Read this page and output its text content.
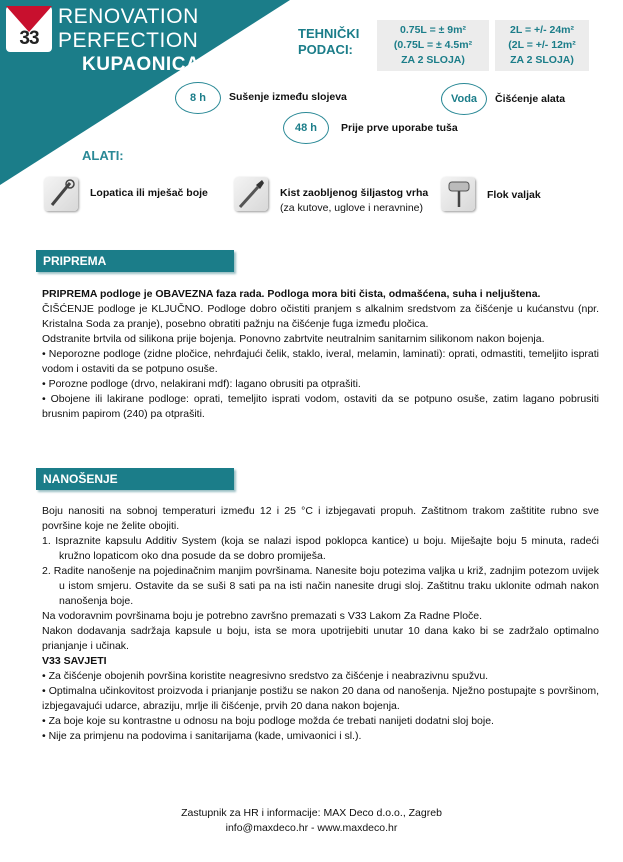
33
RENOVATION
PERFECTION
KUPAONICA
TEHNIČKI
PODACI:
0.75L = ± 9m²
(0.75L = ± 4.5m²
ZA 2 SLOJA)
2L = +/- 24m²
(2L = +/- 12m²
ZA 2 SLOJA)
8 h	Sušenje između slojeva	Voda	Čišćenje alata
48 h	Prije prve uporabe tuša
ALATI:
Lopatica ili mješač boje	Kist zaobljenog šiljastog vrha
(za kutove, uglove i neravnine)
Flok valjak
PRIPREMA

PRIPREMA podloge je OBAVEZNA faza rada. Podloga mora biti čista, odmašćena, suha i neljuštena.

ČIŠĆENJE podloge je KLJUČNO. Podloge dobro očistiti pranjem s alkalnim sredstvom za čišćenje u kućanstvu (npr. Kristalna Soda za pranje), posebno obratiti pažnju na čišćenje fuga između pločica.

Odstranite brtvila od silikona prije bojenja. Ponovno zabrtvite neutralnim sanitarnim silikonom nakon bojenja.

• Neporozne podloge (zidne pločice, nehrđajući čelik, staklo, iveral, melamin, laminati): oprati, odmastiti, temeljito isprati vodom i ostaviti da se potpuno osuše.

• Porozne podloge (drvo, nelakirani mdf): lagano obrusiti pa otprašiti.

• Obojene ili lakirane podloge: oprati, temeljito isprati vodom, ostaviti da se potpuno osuše, zatim lagano pobrusiti brusnim papirom (240) pa otprašiti.

NANOŠENJE

Boju nanositi na sobnoj temperaturi između 12 i 25 °C i izbjegavati propuh. Zaštitnom trakom zaštitite rubno sve površine koje ne želite obojiti.

1. Ispraznite kapsulu Additiv System (koja se nalazi ispod poklopca kantice) u boju. Miješajte boju 5 minuta, radeći kružno lopaticom oko dna posude da se dobro promiješa.

2. Radite nanošenje na pojedinačnim manjim površinama. Nanesite boju potezima valjka u križ, zadnjim potezom uvijek u istom smjeru. Ostavite da se suši 8 sati pa na isti način nanesite drugi sloj. Zaštitnu traku uklonite odmah nakon nanošenja boje.

Na vodoravnim površinama boju je potrebno završno premazati s V33 Lakom Za Radne Ploče.

Nakon dodavanja sadržaja kapsule u boju, ista se mora upotrijebiti unutar 10 dana kako bi se zadržalo optimalno prianjanje i učinak.

V33 SAVJETI

• Za čišćenje obojenih površina koristite neagresivno sredstvo za čišćenje i neabrazivnu spužvu.

• Optimalna učinkovitost proizvoda i prianjanje postižu se nakon 20 dana od nanošenja. Nježno postupajte s površinom, izbjegavajući udarce, abraziju, mrlje ili čišćenje, prvih 20 dana nakon bojenja.

• Za boje koje su kontrastne u odnosu na boju podloge možda će trebati nanijeti dodatni sloj boje.

• Nije za primjenu na podovima i sanitarijama (kade, umivaonici i sl.).

Zastupnik za HR i informacije: MAX Deco d.o.o., Zagreb
info@maxdeco.hr - www.maxdeco.hr
